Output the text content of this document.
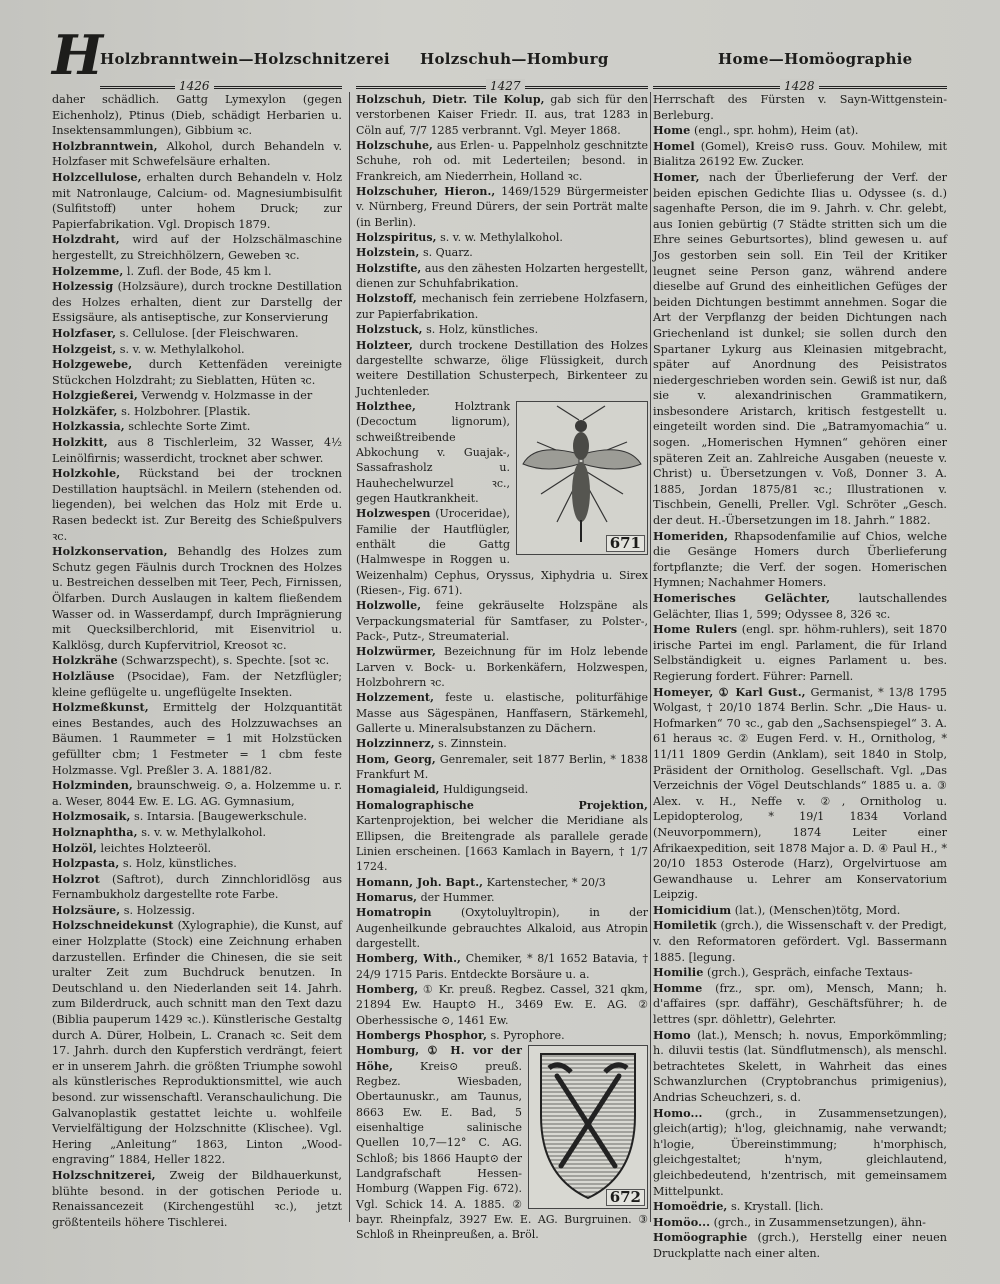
H
Holzbranntwein—Holzschnitzerei Holzschuh—Homburg	Home—Homöographie
1426	1427	1428

daher schädlich. Gattg Lymexylon (gegen Eichenholz), Ptinus (Dieb, schädigt Herbarien u. Insektensammlungen), Gibbium ꝛc.

Holzbranntwein, Alkohol, durch Behandeln v. Holzfaser mit Schwefelsäure erhalten.

Holzcellulose, erhalten durch Behandeln v. Holz mit Natronlauge, Calcium- od. Magnesiumbisulfit (Sulfitstoff) unter hohem Druck; zur Papierfabrikation. Vgl. Dropisch 1879.

Holzdraht, wird auf der Holzschälmaschine hergestellt, zu Streichhölzern, Geweben ꝛc.

Holzemme, l. Zufl. der Bode, 45 km l.

Holzessig (Holzsäure), durch trockne Destillation des Holzes erhalten, dient zur Darstellg der Essigsäure, als antiseptische, zur Konservierung

Holzfaser, s. Cellulose. [der Fleischwaren.

Holzgeist, s. v. w. Methylalkohol.

Holzgewebe, durch Kettenfäden vereinigte Stückchen Holzdraht; zu Sieblatten, Hüten ꝛc.

Holzgießerei, Verwendg v. Holzmasse in der

Holzkäfer, s. Holzbohrer. [Plastik.

Holzkassia, schlechte Sorte Zimt.

Holzkitt, aus 8 Tischlerleim, 32 Wasser, 4½ Leinölfirnis; wasserdicht, trocknet aber schwer.

Holzkohle, Rückstand bei der trocknen Destillation hauptsächl. in Meilern (stehenden od. liegenden), bei welchen das Holz mit Erde u. Rasen bedeckt ist. Zur Bereitg des Schießpulvers ꝛc.

Holzkonservation, Behandlg des Holzes zum Schutz gegen Fäulnis durch Trocknen des Holzes u. Bestreichen desselben mit Teer, Pech, Firnissen, Ölfarben. Durch Auslaugen in kaltem fließendem Wasser od. in Wasserdampf, durch Imprägnierung mit Quecksilberchlorid, mit Eisenvitriol u. Kalklösg, durch Kupfervitriol, Kreosot ꝛc.

Holzkrähe (Schwarzspecht), s. Spechte. [sot ꝛc.

Holzläuse (Psocidae), Fam. der Netzflügler; kleine geflügelte u. ungeflügelte Insekten.

Holzmeßkunst, Ermittelg der Holzquantität eines Bestandes, auch des Holzzuwachses an Bäumen. 1 Raummeter = 1 mit Holzstücken gefüllter cbm; 1 Festmeter = 1 cbm feste Holzmasse. Vgl. Preßler 3. A. 1881/82.

Holzminden, braunschweig. ⊙, a. Holzemme u. r. a. Weser, 8044 Ew. E. LG. AG. Gymnasium,

Holzmosaik, s. Intarsia. [Baugewerkschule.

Holznaphtha, s. v. w. Methylalkohol.

Holzöl, leichtes Holzteeröl.

Holzpasta, s. Holz, künstliches.

Holzrot (Saftrot), durch Zinnchloridlösg aus Fernambukholz dargestellte rote Farbe.

Holzsäure, s. Holzessig.

Holzschneidekunst (Xylographie), die Kunst, auf einer Holzplatte (Stock) eine Zeichnung erhaben darzustellen. Erfinder die Chinesen, die sie seit uralter Zeit zum Buchdruck benutzen. In Deutschland u. den Niederlanden seit 14. Jahrh. zum Bilderdruck, auch schnitt man den Text dazu (Biblia pauperum 1429 ꝛc.). Künstlerische Gestaltg durch A. Dürer, Holbein, L. Cranach ꝛc. Seit dem 17. Jahrh. durch den Kupferstich verdrängt, feiert er in unserem Jahrh. die größten Triumphe sowohl als künstlerisches Reproduktionsmittel, wie auch besond. zur wissenschaftl. Veranschaulichung. Die Galvanoplastik gestattet leichte u. wohlfeile Vervielfältigung der Holzschnitte (Klischee). Vgl. Hering „Anleitung“ 1863, Linton „Wood-engraving“ 1884, Heller 1822.

Holzschnitzerei, Zweig der Bildhauerkunst, blühte besond. in der gotischen Periode u. Renaissancezeit (Kirchengestühl ꝛc.), jetzt größtenteils höhere Tischlerei.

Holzschuh, Dietr. Tile Kolup, gab sich für den verstorbenen Kaiser Friedr. II. aus, trat 1283 in Cöln auf, 7/7 1285 verbrannt. Vgl. Meyer 1868.

Holzschuhe, aus Erlen- u. Pappelnholz geschnitzte Schuhe, roh od. mit Lederteilen; besond. in Frankreich, am Niederrhein, Holland ꝛc.

Holzschuher, Hieron., 1469/1529 Bürgermeister v. Nürnberg, Freund Dürers, der sein Porträt malte (in Berlin).

Holzspiritus, s. v. w. Methylalkohol.

Holzstein, s. Quarz.

Holzstifte, aus den zähesten Holzarten hergestellt, dienen zur Schuhfabrikation.

Holzstoff, mechanisch fein zerriebene Holzfasern, zur Papierfabrikation.

Holzstuck, s. Holz, künstliches.

Holzteer, durch trockene Destillation des Holzes dargestellte schwarze, ölige Flüssigkeit, durch weitere Destillation Schusterpech, Birkenteer zu Juchtenleder.

671

Holzthee,	Holztrank (Decoctum lignorum), schweißtreibende Abkochung v. Guajak-, Sassafrasholz u. Hauhechelwurzel ꝛc., gegen Hautkrankheit.

Holzwespen (Uroceridae), Familie der Hautflügler, enthält die Gattg (Halmwespe in Roggen u. Weizenhalm) Cephus, Oryssus, Xiphydria u. Sirex (Riesen-, Fig. 671).

Holzwolle, feine gekräuselte Holzspäne als Verpackungsmaterial für Samtfaser, zu Polster-, Pack-, Putz-, Streumaterial.

Holzwürmer, Bezeichnung für im Holz lebende Larven v. Bock- u. Borkenkäfern, Holzwespen, Holzbohrern ꝛc.

Holzzement, feste u. elastische, politurfähige Masse aus Sägespänen, Hanffasern, Stärkemehl, Gallerte u. Mineralsubstanzen zu Dächern.

Holzzinnerz, s. Zinnstein.

Hom, Georg, Genremaler, seit 1877 Berlin, * 1838 Frankfurt M.

Homagialeid, Huldigungseid.

Homalographische Projektion, Kartenprojektion, bei welcher die Meridiane als Ellipsen, die Breitengrade als parallele gerade Linien erscheinen. [1663 Kamlach in Bayern, † 1/7 1724.

Homann, Joh. Bapt., Kartenstecher, * 20/3

Homarus, der Hummer.

Homatropin	(Oxytoluyltropin), in der Augenheilkunde gebrauchtes Alkaloid, aus Atropin dargestellt.

Homberg, With., Chemiker, * 8/1 1652 Batavia, † 24/9 1715 Paris. Entdeckte Borsäure u. a.

Homberg, ① Kr. preuß. Regbez. Cassel, 321 qkm, 21894 Ew. Haupt⊙ H., 3469 Ew. E. AG. ② Oberhessische ⊙, 1461 Ew.

Hombergs Phosphor, s. Pyrophore.

672

Homburg, ① H. vor der Höhe, Kreis⊙ preuß. Regbez. Wiesbaden, Obertaunuskr., am Taunus, 8663 Ew. E. Bad, 5 eisenhaltige salinische Quellen 10,7—12° C. AG. Schloß; bis 1866 Haupt⊙ der Landgrafschaft Hessen-Homburg (Wappen Fig. 672). Vgl. Schick 14. A. 1885. ② bayr. Rheinpfalz, 3927 Ew. E. AG. Burgruinen. ③ Schloß in Rheinpreußen, a. Bröl.

Herrschaft des Fürsten v. Sayn-Wittgenstein-Berleburg.

Home (engl., spr. hohm), Heim (at).

Homel (Gomel), Kreis⊙ russ. Gouv. Mohilew, mit Bialitza 26192 Ew. Zucker.

Homer, nach der Überlieferung der Verf. der beiden epischen Gedichte Ilias u. Odyssee (s. d.) sagenhafte Person, die im 9. Jahrh. v. Chr. gelebt, aus Ionien gebürtig (7 Städte stritten sich um die Ehre seines Geburtsortes), blind gewesen u. auf Jos gestorben sein soll. Ein Teil der Kritiker leugnet seine Person ganz, während andere dieselbe auf Grund des einheitlichen Gefüges der beiden Dichtungen bestimmt annehmen. Sogar die Art der Verpflanzg der beiden Dichtungen nach Griechenland ist dunkel; sie sollen durch den Spartaner Lykurg aus Kleinasien mitgebracht, später auf Anordnung des Peisistratos niedergeschrieben worden sein. Gewiß ist nur, daß sie v. alexandrinischen Grammatikern, insbesondere Aristarch, kritisch festgestellt u. eingeteilt worden sind. Die „Batramyomachia“ u. sogen. „Homerischen Hymnen“ gehören einer späteren Zeit an. Zahlreiche Ausgaben (neueste v. Christ) u. Übersetzungen v. Voß, Donner 3. A. 1885, Jordan 1875/81 ꝛc.; Illustrationen v. Tischbein, Genelli, Preller. Vgl. Schröter „Gesch. der deut. H.-Übersetzungen im 18. Jahrh.“ 1882.

Homeriden, Rhapsodenfamilie auf Chios, welche die Gesänge Homers durch Überlieferung fortpflanzte; die Verf. der sogen. Homerischen Hymnen; Nachahmer Homers.

Homerisches Gelächter,	lautschallendes Gelächter, Ilias 1, 599; Odyssee 8, 326 ꝛc.

Home Rulers (engl. spr. höhm-ruhlers), seit 1870 irische Partei im engl. Parlament, die für Irland Selbständigkeit u. eignes Parlament u. bes. Regierung fordert. Führer: Parnell.

Homeyer, ① Karl Gust., Germanist, * 13/8 1795 Wolgast, † 20/10 1874 Berlin. Schr. „Die Haus- u. Hofmarken“ 70 ꝛc., gab den „Sachsenspiegel“ 3. A. 61 heraus ꝛc. ② Eugen Ferd. v. H., Ornitholog, * 11/11 1809 Gerdin (Anklam), seit 1840 in Stolp, Präsident der Ornitholog. Gesellschaft. Vgl. „Das Verzeichnis der Vögel Deutschlands“ 1885 u. a. ③ Alex. v. H., Neffe v. ②, Ornitholog u. Lepidopterolog, * 19/1 1834 Vorland (Neuvorpommern), 1874 Leiter einer Afrikaexpedition, seit 1878 Major a. D. ④ Paul H., * 20/10 1853 Osterode (Harz), Orgelvirtuose am Gewandhause u. Lehrer am Konservatorium Leipzig.

Homicidium (lat.), (Menschen)tötg, Mord.

Homiletik (grch.), die Wissenschaft v. der Predigt, v. den Reformatoren gefördert. Vgl. Bassermann 1885. [legung.

Homilie (grch.), Gespräch, einfache Textaus-

Homme (frz., spr. om), Mensch, Mann; h. d'affaires (spr. daffähr), Geschäftsführer; h. de lettres (spr. döhlettr), Gelehrter.

Homo (lat.), Mensch; h. novus, Emporkömmling; h. diluvii testis (lat. Sündflutmensch), als menschl. betrachtetes Skelett, in Wahrheit das eines Schwanzlurchen (Cryptobranchus primigenius), Andrias Scheuchzeri, s. d.

Homo... (grch., in Zusammensetzungen), gleich(artig); h'log, gleichnamig, nahe verwandt; h'logie, Übereinstimmung; h'morphisch, gleichgestaltet; h'nym, gleichlautend, gleichbedeutend, h'zentrisch, mit gemeinsamem Mittelpunkt.

Homoëdrie, s. Krystall. [lich.

Homöo... (grch., in Zusammensetzungen), ähn-

Homöographie (grch.), Herstellg einer neuen Druckplatte nach einer alten.
